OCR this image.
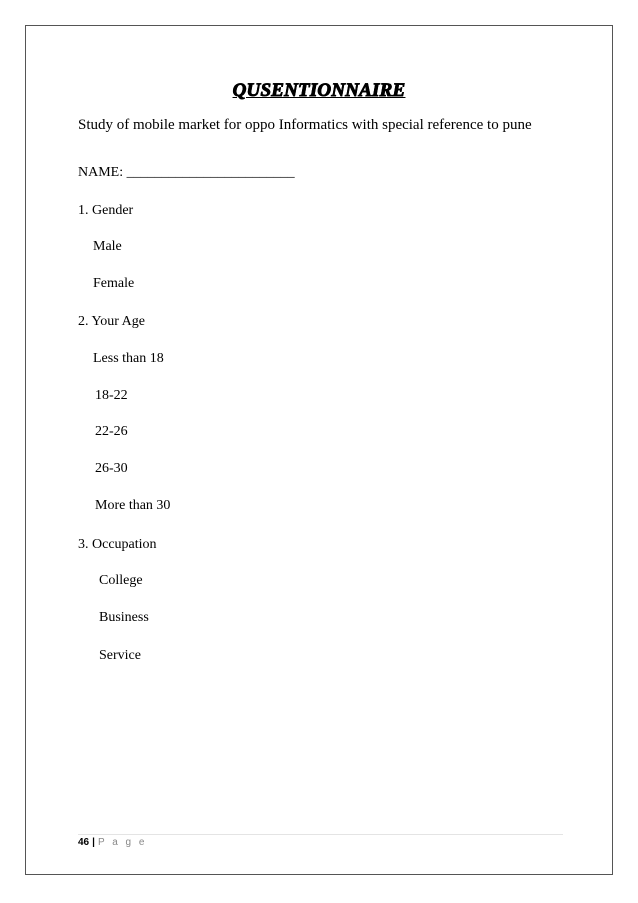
QUSENTIONNAIRE
Study of mobile market for oppo Informatics with special reference to pune
NAME: ________________________
1. Gender
Male
Female
2. Your Age
Less than 18
18-22
22-26
26-30
More than 30
3. Occupation
College
Business
Service
46 | P a g e
